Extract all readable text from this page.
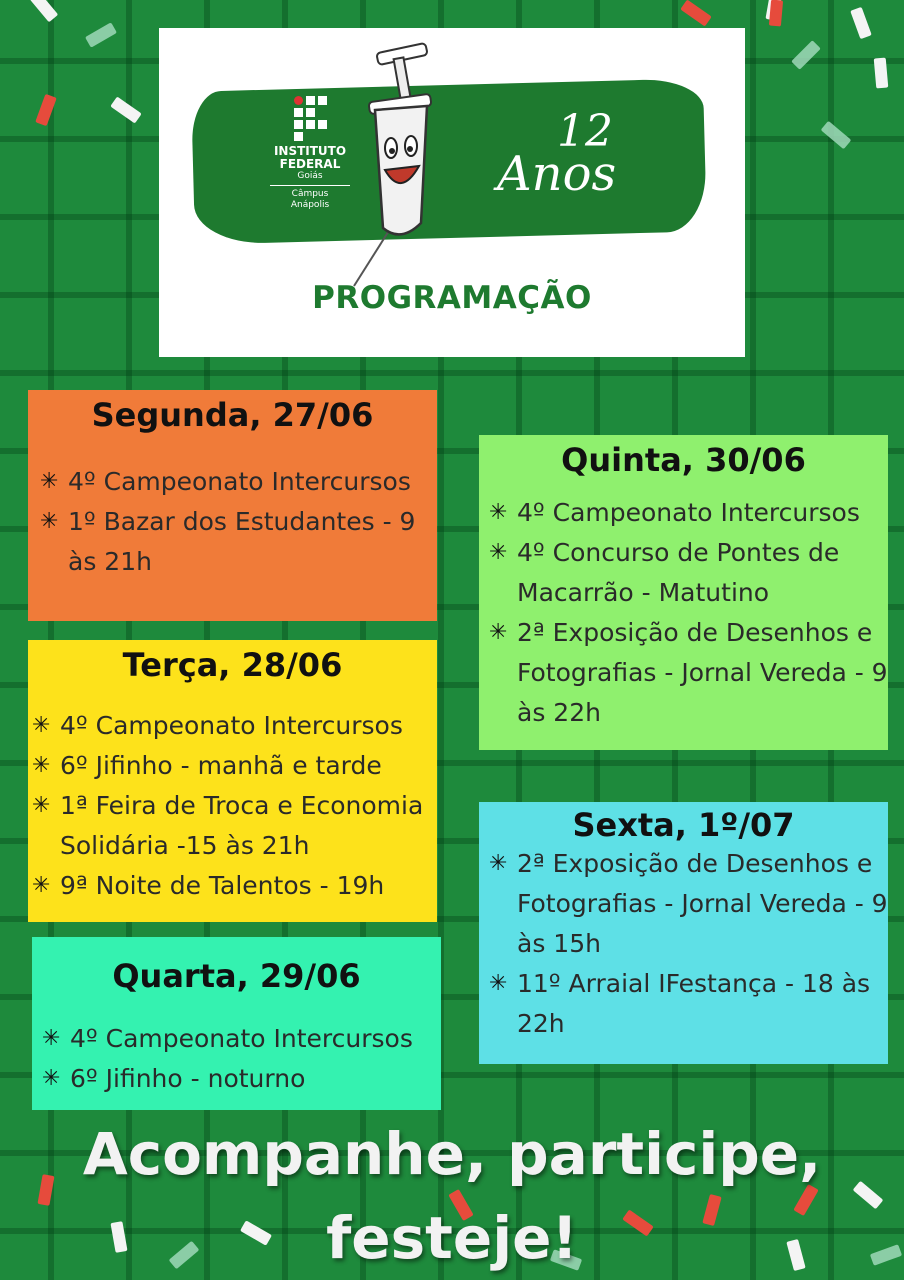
INSTITUTO
FEDERAL
Goiás
Câmpus
Anápolis
12
Anos
PROGRAMAÇÃO
Segunda, 27/06
✳ 4º Campeonato Intercursos
✳ 1º Bazar dos Estudantes - 9 às 21h
Terça, 28/06
✳ 4º Campeonato Intercursos
✳ 6º Jifinho - manhã e tarde
✳ 1ª Feira de Troca e Economia Solidária -15 às 21h
✳ 9ª Noite de Talentos - 19h
Quarta, 29/06
✳ 4º Campeonato Intercursos
✳ 6º Jifinho - noturno
Quinta, 30/06
✳ 4º Campeonato Intercursos
✳ 4º Concurso de Pontes de Macarrão - Matutino
✳ 2ª Exposição de Desenhos e Fotografias - Jornal Vereda - 9 às 22h
Sexta, 1º/07
✳ 2ª Exposição de Desenhos e Fotografias - Jornal Vereda - 9 às 15h
✳ 11º Arraial IFestança - 18 às 22h
Acompanhe, participe,
festeje!
